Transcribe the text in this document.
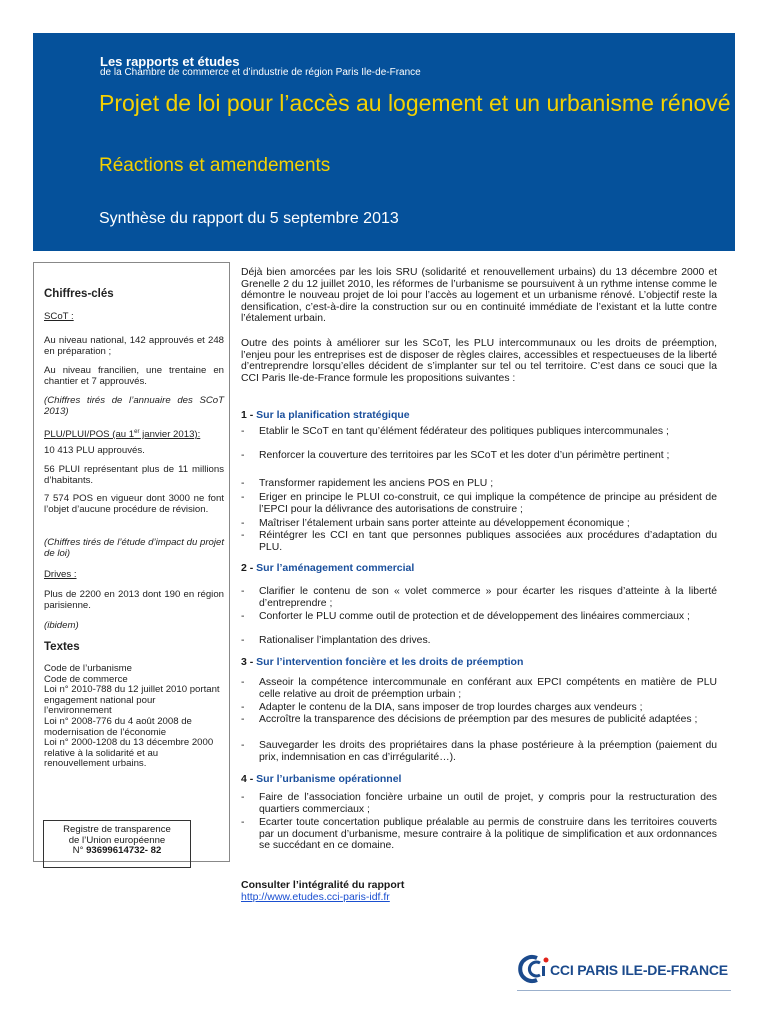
Les rapports et études
de la Chambre de commerce et d’industrie de région Paris Ile-de-France
Projet de loi pour l’accès au logement et un urbanisme rénové
Réactions et amendements
Synthèse du rapport du 5 septembre 2013
Chiffres-clés
SCoT :
Au niveau national, 142 approuvés et 248 en préparation ;
Au niveau francilien, une trentaine en chantier et 7 approuvés.
(Chiffres tirés de l’annuaire des SCoT 2013)
PLU/PLUI/POS (au 1er janvier 2013):
10 413 PLU approuvés.
56 PLUI représentant plus de 11 millions d’habitants.
7 574 POS en vigueur dont 3000 ne font l’objet d’aucune procédure de révision.
(Chiffres tirés de l’étude d’impact du projet de loi)
Drives :
Plus de 2200 en 2013 dont 190 en région parisienne.
(ibidem)
Textes
Code de l’urbanisme
Code de commerce
Loi n° 2010-788 du 12 juillet 2010 portant engagement national pour l’environnement
Loi n° 2008-776 du 4 août 2008 de modernisation de l’économie
Loi n° 2000-1208 du 13 décembre 2000 relative à la solidarité et au renouvellement urbains.
Registre de transparence de l’Union européenne
N° 93699614732- 82
Déjà bien amorcées par les lois SRU (solidarité et renouvellement urbains) du 13 décembre 2000 et Grenelle 2 du 12 juillet 2010, les réformes de l’urbanisme se poursuivent à un rythme intense comme le démontre le nouveau projet de loi pour l’accès au logement et un urbanisme rénové. L’objectif reste la densification, c’est-à-dire la construction sur ou en continuité immédiate de l’existant et la lutte contre l’étalement urbain.
Outre des points à améliorer sur les SCoT, les PLU intercommunaux ou les droits de préemption, l’enjeu pour les entreprises est de disposer de règles claires, accessibles et respectueuses de la liberté d’entreprendre lorsqu’elles décident de s’implanter sur tel ou tel territoire. C’est dans ce souci que la CCI Paris Ile-de-France formule les propositions suivantes :
1 - Sur la planification stratégique
- Etablir le SCoT en tant qu’élément fédérateur des politiques publiques intercommunales ;
- Renforcer la couverture des territoires par les SCoT et les doter d’un périmètre pertinent ;
- Transformer rapidement les anciens POS en PLU ;
- Eriger en principe le PLUI co-construit, ce qui implique la compétence de principe au président de l’EPCI pour la délivrance des autorisations de construire ;
- Maîtriser l’étalement urbain sans porter atteinte au développement économique ;
- Réintégrer les CCI en tant que personnes publiques associées aux procédures d’adaptation du PLU.
2 - Sur l’aménagement commercial
- Clarifier le contenu de son « volet commerce » pour écarter les risques d’atteinte à la liberté d’entreprendre ;
- Conforter le PLU comme outil de protection et de développement des linéaires commerciaux ;
- Rationaliser l’implantation des drives.
3 - Sur l’intervention foncière et les droits de préemption
- Asseoir la compétence intercommunale en conférant aux EPCI compétents en matière de PLU celle relative au droit de préemption urbain ;
- Adapter le contenu de la DIA, sans imposer de trop lourdes charges aux vendeurs ;
- Accroître la transparence des décisions de préemption par des mesures de publicité adaptées ;
- Sauvegarder les droits des propriétaires dans la phase postérieure à la préemption (paiement du prix, indemnisation en cas d’irrégularité…).
4 - Sur l’urbanisme opérationnel
- Faire de l’association foncière urbaine un outil de projet, y compris pour la restructuration des quartiers commerciaux ;
- Ecarter toute concertation publique préalable au permis de construire dans les territoires couverts par un document d’urbanisme, mesure contraire à la politique de simplification et aux ordonnances se succédant en ce domaine.
Consulter l’intégralité du rapport
http://www.etudes.cci-paris-idf.fr
CCI PARIS ILE-DE-FRANCE
